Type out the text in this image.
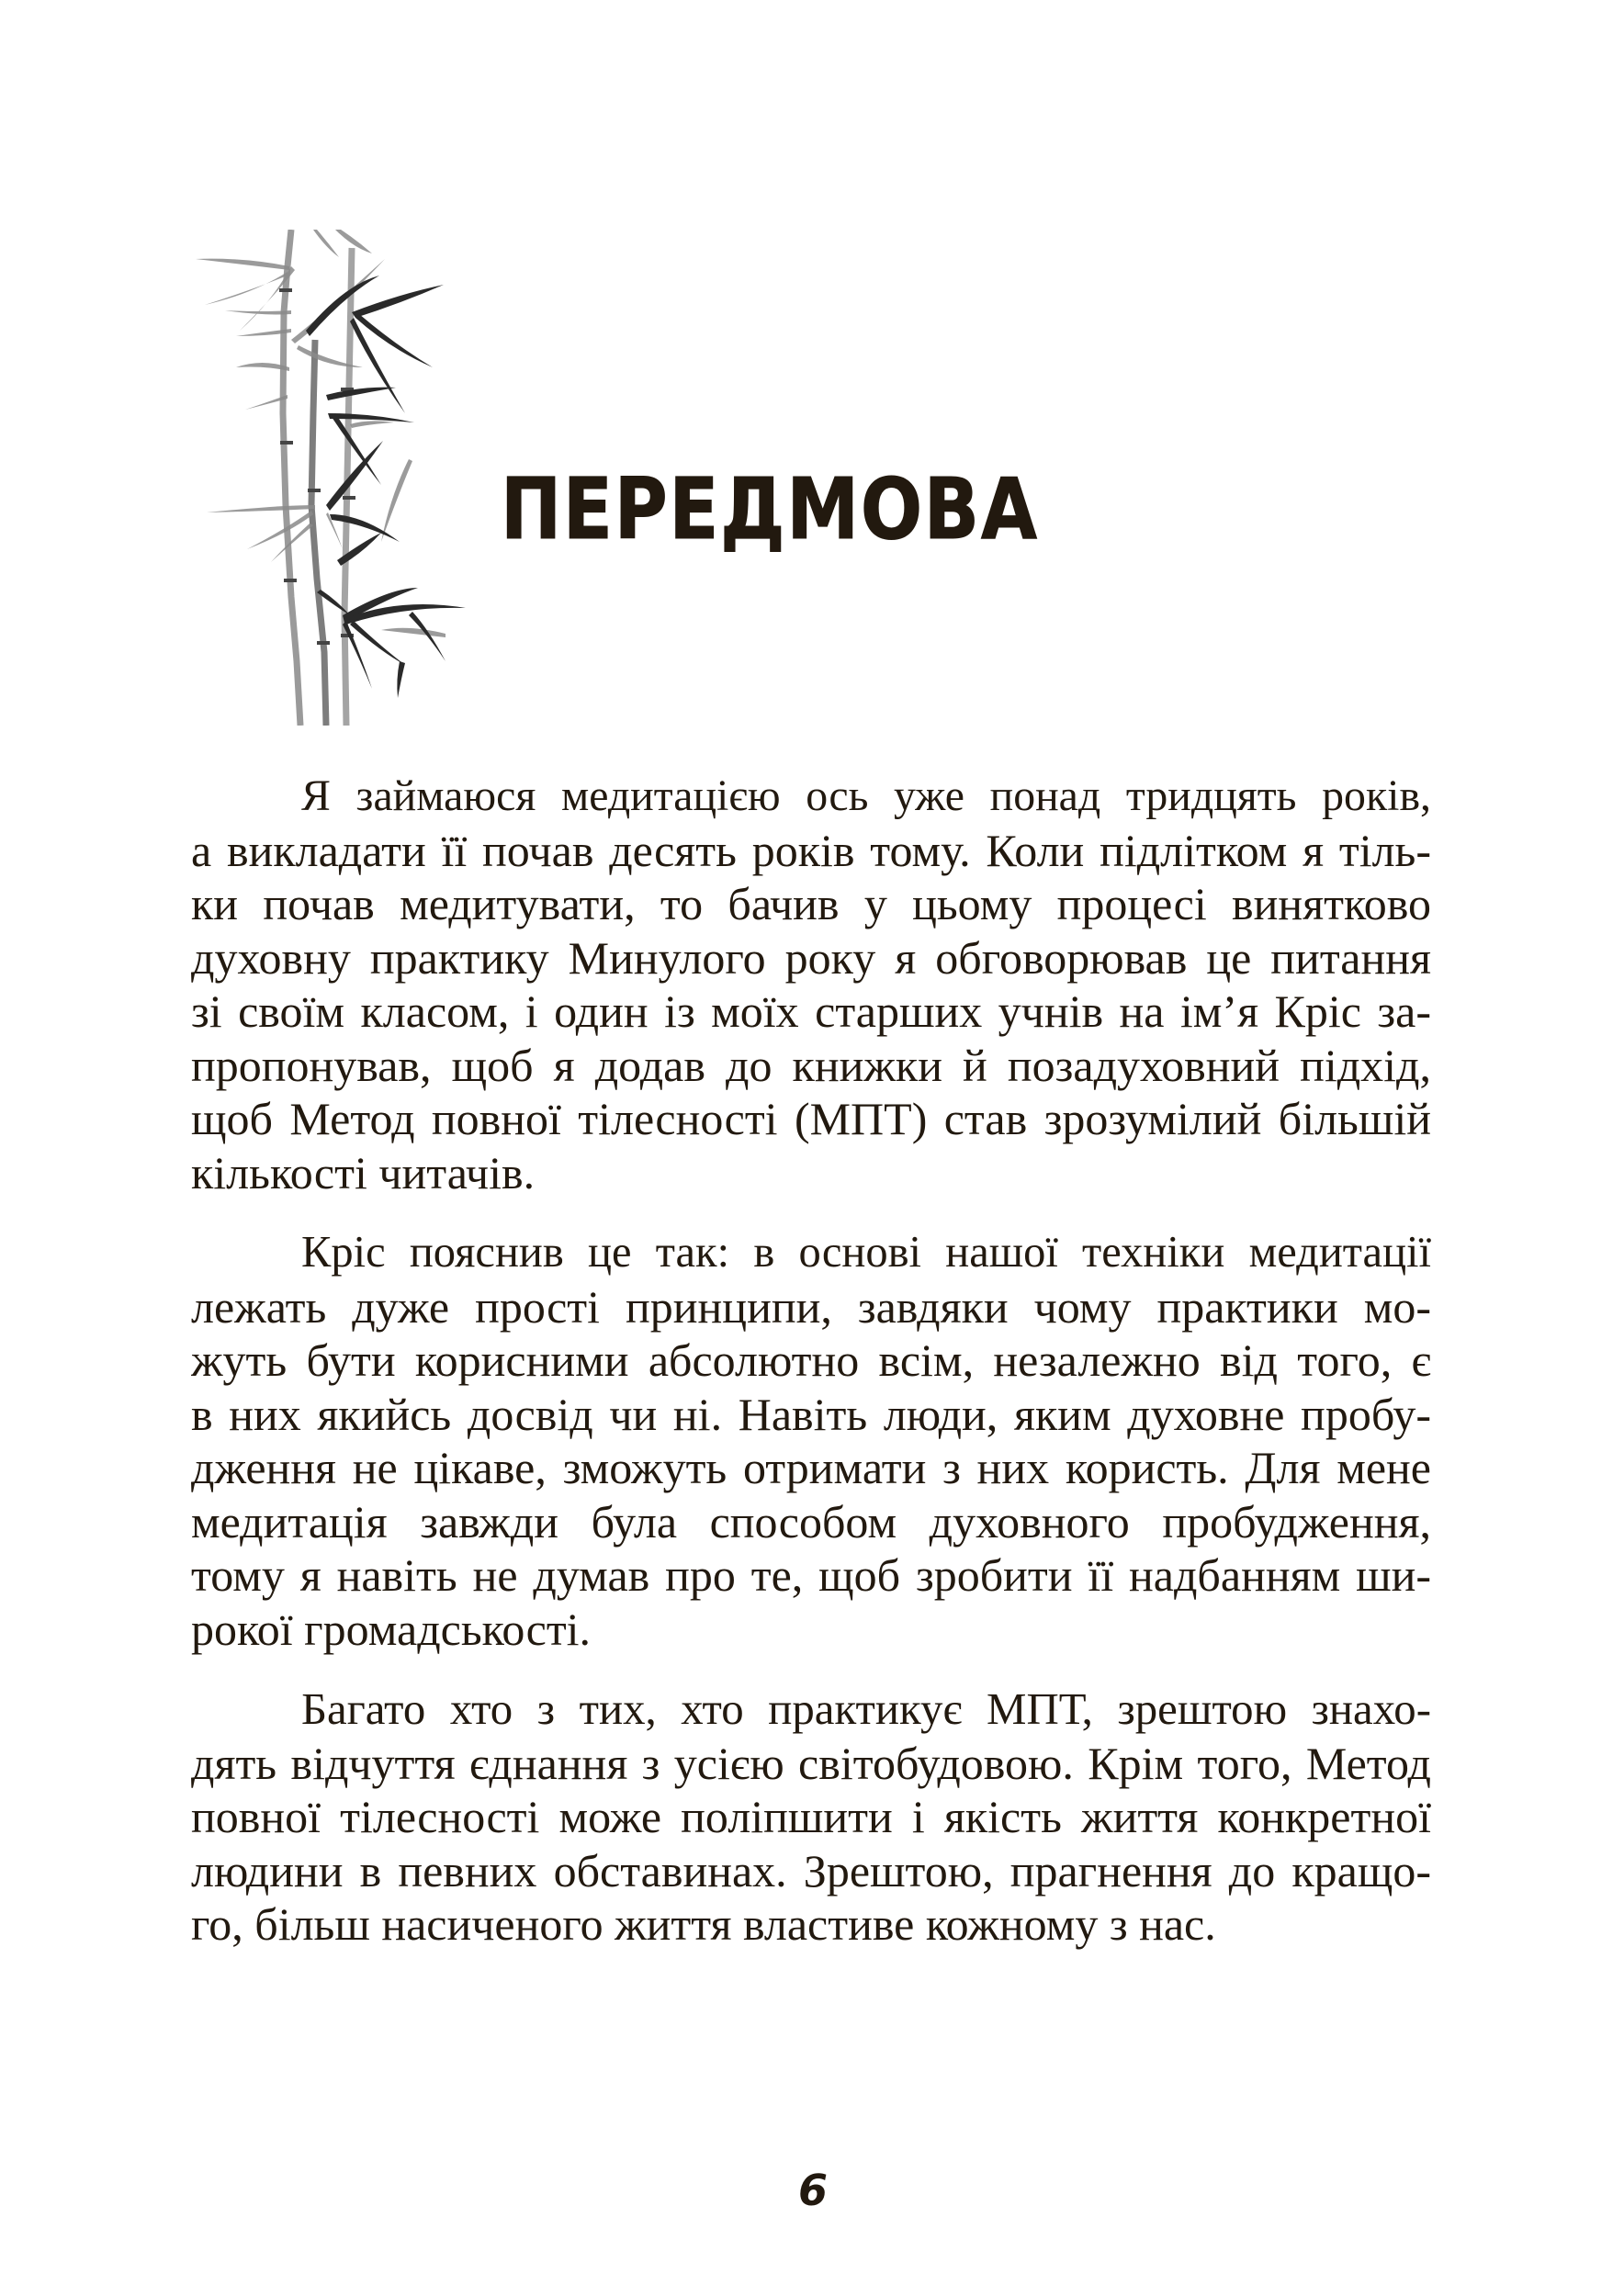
ПЕРЕДМОВА

Я займаюся медитацією ось уже понад тридцять років,
а викладати її почав десять років тому. Коли підлітком я тіль-
ки почав медитувати, то бачив у цьому процесі винятково
духовну практику Минулого року я обговорював це питання
зі своїм класом, і один із моїх старших учнів на ім’я Кріс за-
пропонував, щоб я додав до книжки й позадуховний підхід,
щоб Метод повної тілесності (МПТ) став зрозумілий більшій
кількості читачів.

Кріс пояснив це так: в основі нашої техніки медитації
лежать дуже прості принципи, завдяки чому практики мо-
жуть бути корисними абсолютно всім, незалежно від того, є
в них якийсь досвід чи ні. Навіть люди, яким духовне пробу-
дження не цікаве, зможуть отримати з них користь. Для мене
медитація завжди була способом духовного пробудження,
тому я навіть не думав про те, щоб зробити її надбанням ши-
рокої громадськості.

Багато хто з тих, хто практикує МПТ, зрештою знахо-
дять відчуття єднання з усією світобудовою. Крім того, Метод
повної тілесності може поліпшити і якість життя конкретної
людини в певних обставинах. Зрештою, прагнення до кращо-
го, більш насиченого життя властиве кожному з нас.

6
